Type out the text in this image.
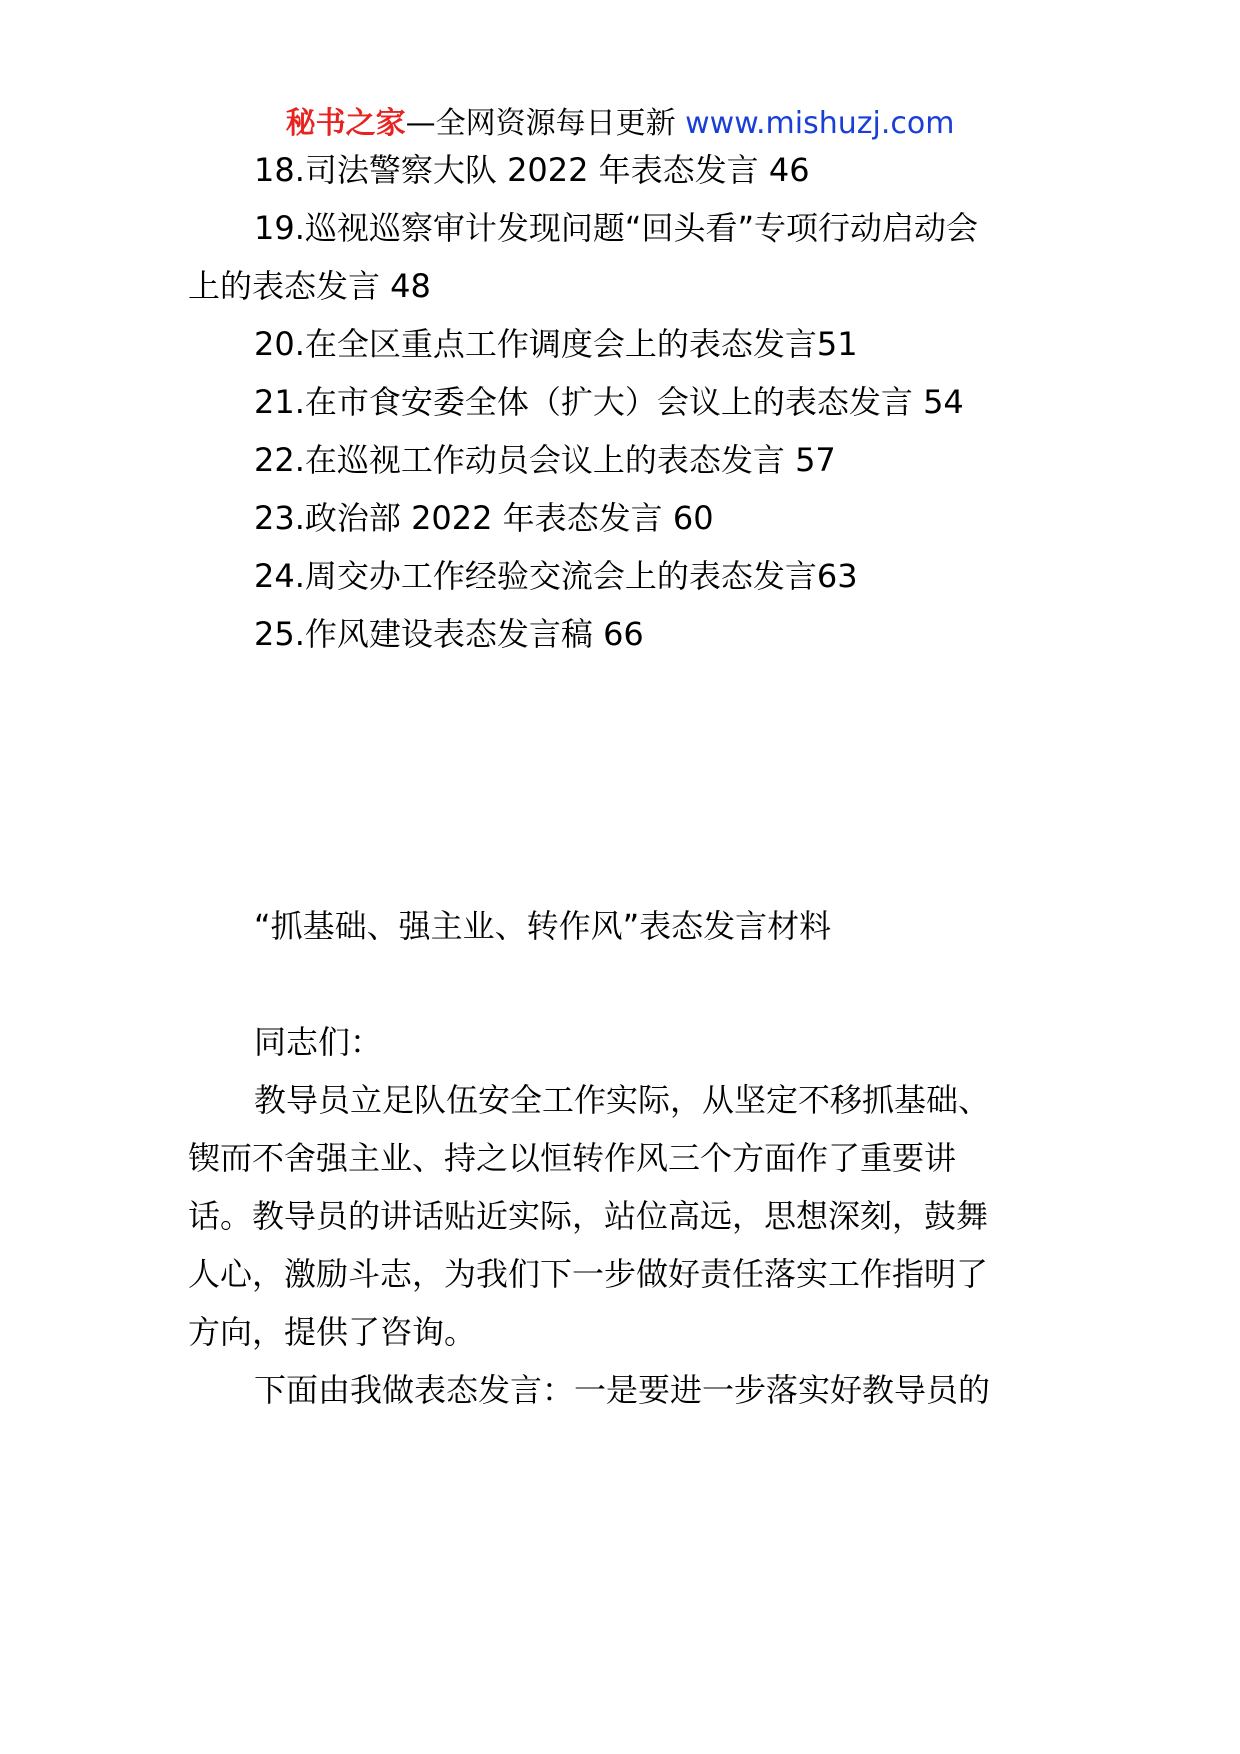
秘书之家—全网资源每日更新 www.mishuzj.com
18.司法警察大队 2022 年表态发言 46
19.巡视巡察审计发现问题“回头看”专项行动启动会
上的表态发言 48
20.在全区重点工作调度会上的表态发言51
21.在市食安委全体（扩大）会议上的表态发言 54
22.在巡视工作动员会议上的表态发言 57
23.政治部 2022 年表态发言 60
24.周交办工作经验交流会上的表态发言63
25.作风建设表态发言稿 66
“抓基础、强主业、转作风”表态发言材料
同志们：
教导员立足队伍安全工作实际，从坚定不移抓基础、
锲而不舍强主业、持之以恒转作风三个方面作了重要讲
话。教导员的讲话贴近实际，站位高远，思想深刻，鼓舞
人心，激励斗志，为我们下一步做好责任落实工作指明了
方向，提供了咨询。
下面由我做表态发言：一是要进一步落实好教导员的
